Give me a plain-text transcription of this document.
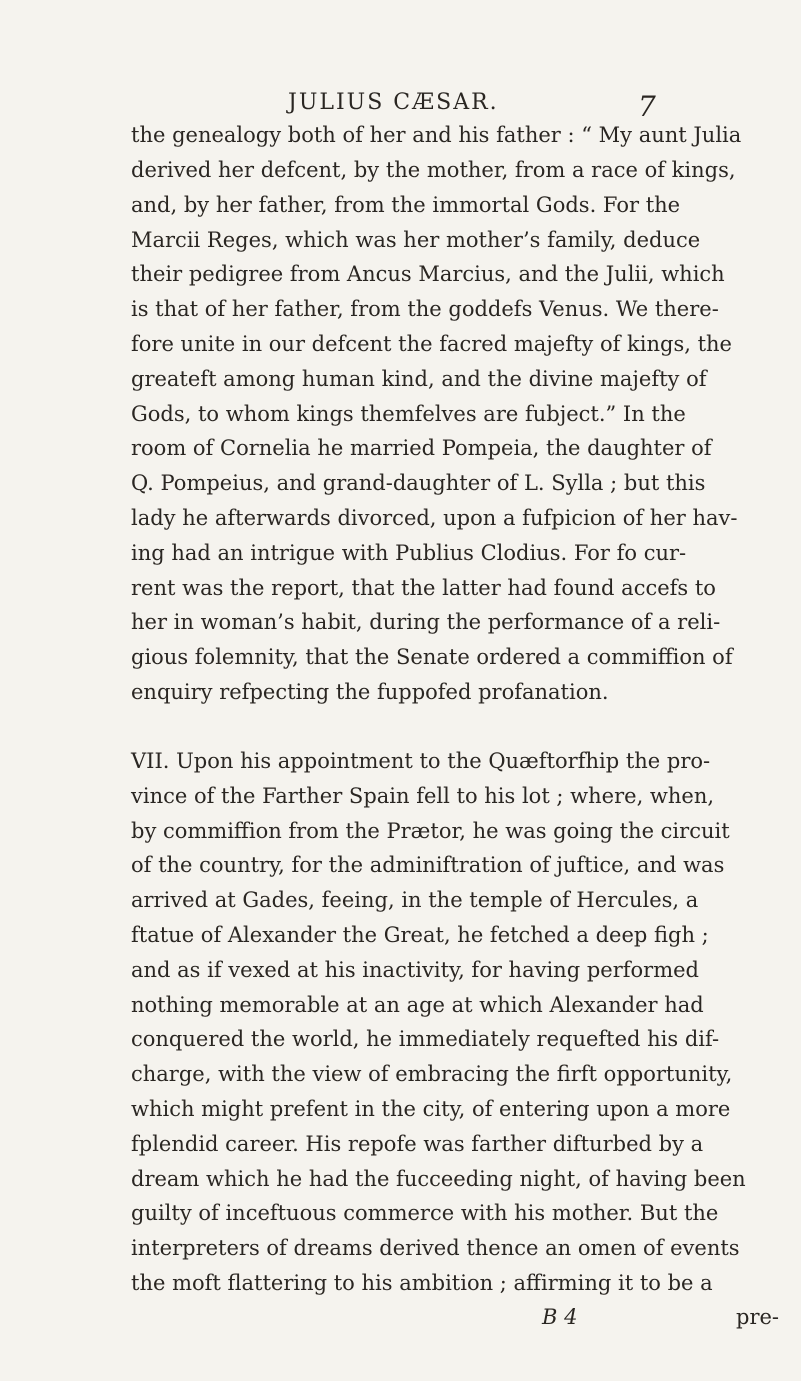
JULIUS CÆSAR.	7
the genealogy both of her and his father : “ My aunt Julia
derived her defcent, by the mother, from a race of kings,
and, by her father, from the immortal Gods. For the
Marcii Reges, which was her mother’s family, deduce
their pedigree from Ancus Marcius, and the Julii, which
is that of her father, from the goddefs Venus. We there-
fore unite in our defcent the facred majefty of kings, the
greateft among human kind, and the divine majefty of
Gods, to whom kings themfelves are fubject.” In the
room of Cornelia he married Pompeia, the daughter of
Q. Pompeius, and grand-daughter of L. Sylla ; but this
lady he afterwards divorced, upon a fufpicion of her hav-
ing had an intrigue with Publius Clodius. For fo cur-
rent was the report, that the latter had found accefs to
her in woman’s habit, during the performance of a reli-
gious folemnity, that the Senate ordered a commiffion of
enquiry refpecting the fuppofed profanation.
VII. Upon his appointment to the Quæftorfhip the pro-
vince of the Farther Spain fell to his lot ; where, when,
by commiffion from the Prætor, he was going the circuit
of the country, for the adminiftration of juftice, and was
arrived at Gades, feeing, in the temple of Hercules, a
ftatue of Alexander the Great, he fetched a deep figh ;
and as if vexed at his inactivity, for having performed
nothing memorable at an age at which Alexander had
conquered the world, he immediately requefted his dif-
charge, with the view of embracing the firft opportunity,
which might prefent in the city, of entering upon a more
fplendid career. His repofe was farther difturbed by a
dream which he had the fucceeding night, of having been
guilty of inceftuous commerce with his mother. But the
interpreters of dreams derived thence an omen of events
the moft flattering to his ambition ; affirming it to be a
B 4	pre-
